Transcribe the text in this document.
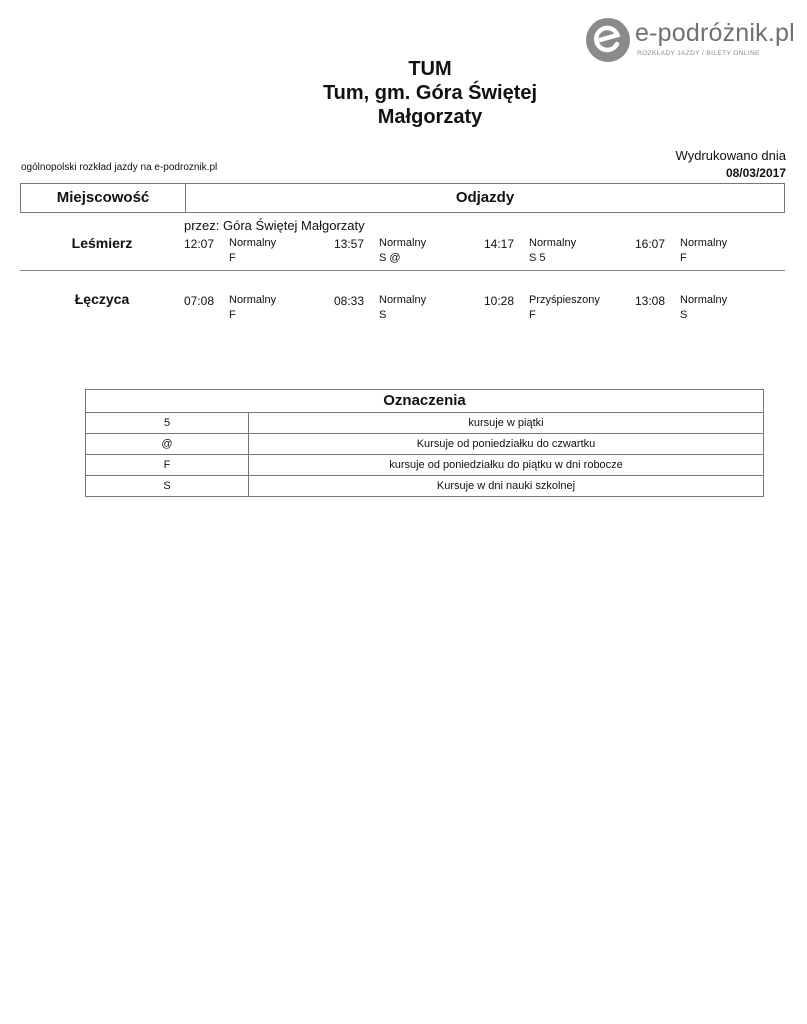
e-podróżnik.pl
ROZKŁADY JAZDY / BILETY ONLINE
TUM
Tum, gm. Góra Świętej
Małgorzaty
ogólnopolski rozkład jazdy na e-podroznik.pl
Wydrukowano dnia
08/03/2017
Miejscowość	Odjazdy
przez: Góra Świętej Małgorzaty
Leśmierz	12:07 Normalny
F
13:57 Normalny
S @
14:17 Normalny
S 5
16:07 Normalny
F
Łęczyca	07:08 Normalny
F
08:33 Normalny
S
10:28 Przyśpieszony
F
13:08 Normalny
S
Oznaczenia
5	kursuje w piątki
@	Kursuje od poniedziałku do czwartku
F	kursuje od poniedziałku do piątku w dni robocze
S	Kursuje w dni nauki szkolnej
